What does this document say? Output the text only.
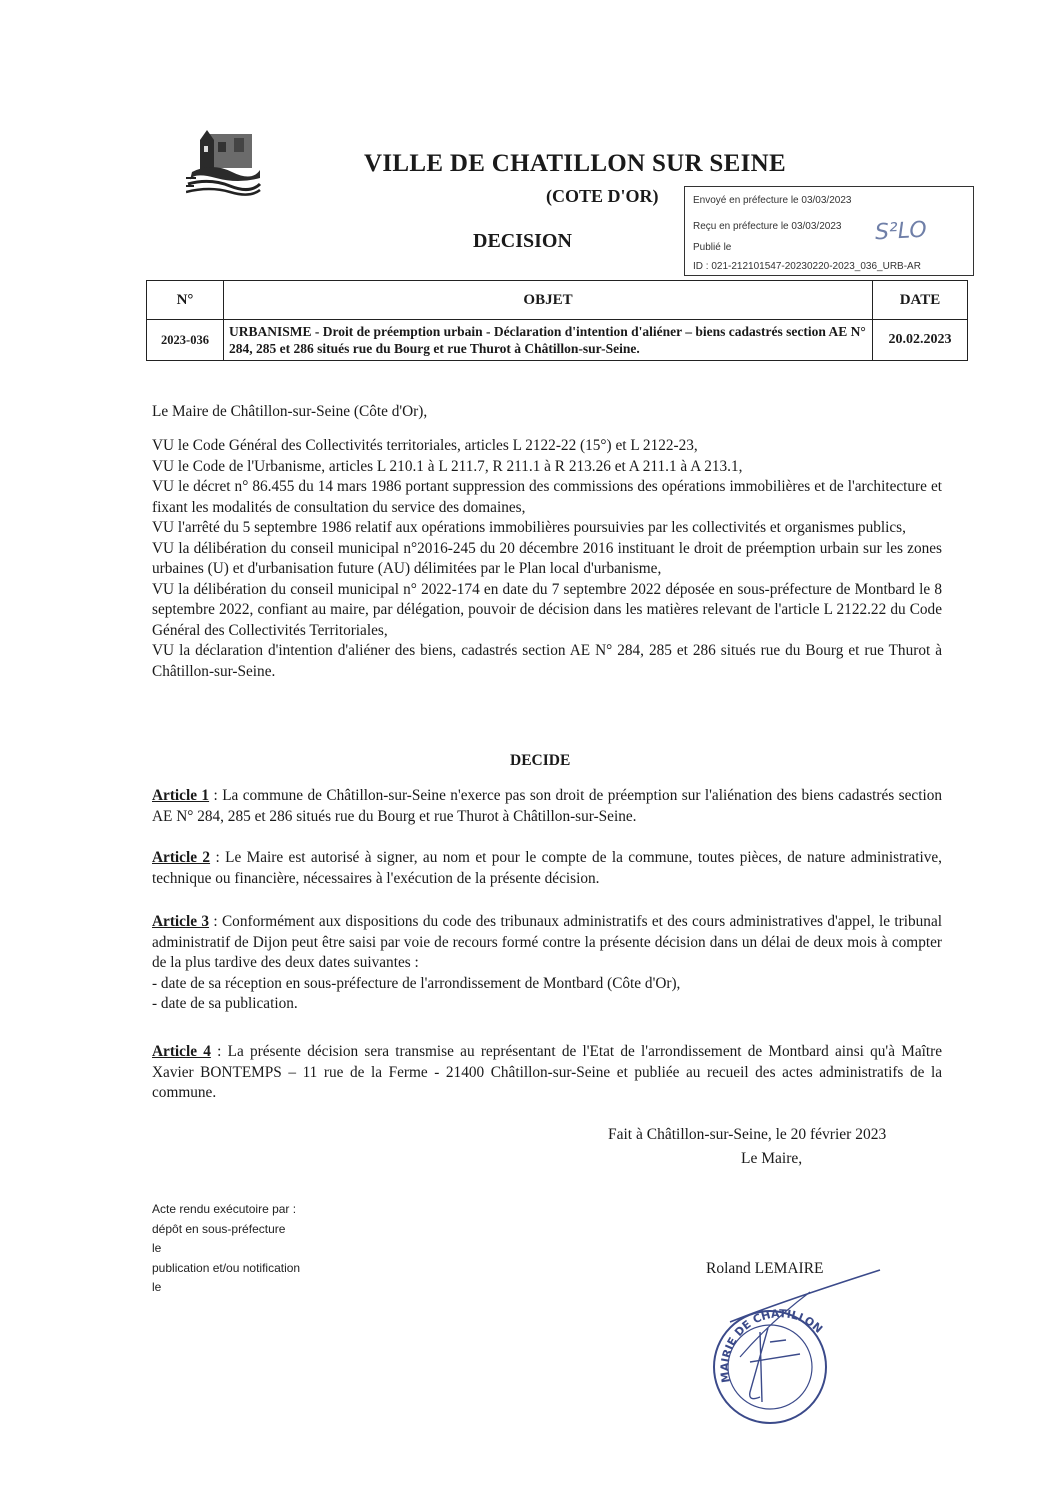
VILLE DE CHATILLON SUR SEINE
(COTE D'OR)
DECISION
Envoyé en préfecture le 03/03/2023
Reçu en préfecture le 03/03/2023
Publié le
ID : 021-212101547-20230220-2023_036_URB-AR
S²LO
N°	OBJET	DATE
2023-036	URBANISME - Droit de préemption urbain - Déclaration d'intention d'aliéner – biens cadastrés section AE N° 284, 285 et 286 situés rue du Bourg et rue Thurot à Châtillon-sur-Seine.	20.02.2023
Le Maire de Châtillon-sur-Seine (Côte d'Or),

VU le Code Général des Collectivités territoriales, articles L 2122-22 (15°) et L 2122-23,

VU le Code de l'Urbanisme, articles L 210.1 à L 211.7, R 211.1 à R 213.26 et A 211.1 à A 213.1,

VU le décret n° 86.455 du 14 mars 1986 portant suppression des commissions des opérations immobilières et de l'architecture et fixant les modalités de consultation du service des domaines,

VU l'arrêté du 5 septembre 1986 relatif aux opérations immobilières poursuivies par les collectivités et organismes publics,

VU la délibération du conseil municipal n°2016-245 du 20 décembre 2016 instituant le droit de préemption urbain sur les zones urbaines (U) et d'urbanisation future (AU) délimitées par le Plan local d'urbanisme,

VU la délibération du conseil municipal n° 2022-174 en date du 7 septembre 2022 déposée en sous-préfecture de Montbard le 8 septembre 2022, confiant au maire, par délégation, pouvoir de décision dans les matières relevant de l'article L 2122.22 du Code Général des Collectivités Territoriales,

VU la déclaration d'intention d'aliéner des biens, cadastrés section AE N° 284, 285 et 286 situés rue du Bourg et rue Thurot à Châtillon-sur-Seine.

DECIDE

Article 1 : La commune de Châtillon-sur-Seine n'exerce pas son droit de préemption sur l'aliénation des biens cadastrés section AE N° 284, 285 et 286 situés rue du Bourg et rue Thurot à Châtillon-sur-Seine.

Article 2 : Le Maire est autorisé à signer, au nom et pour le compte de la commune, toutes pièces, de nature administrative, technique ou financière, nécessaires à l'exécution de la présente décision.

Article 3 : Conformément aux dispositions du code des tribunaux administratifs et des cours administratives d'appel, le tribunal administratif de Dijon peut être saisi par voie de recours formé contre la présente décision dans un délai de deux mois à compter de la plus tardive des deux dates suivantes :

- date de sa réception en sous-préfecture de l'arrondissement de Montbard (Côte d'Or),

- date de sa publication.

Article 4 : La présente décision sera transmise au représentant de l'Etat de l'arrondissement de Montbard ainsi qu'à Maître Xavier BONTEMPS – 11 rue de la Ferme - 21400 Châtillon-sur-Seine et publiée au recueil des actes administratifs de la commune.

Fait à Châtillon-sur-Seine, le 20 février 2023
Le Maire,
Acte rendu exécutoire par :
dépôt en sous-préfecture
le
publication et/ou notification
le
Roland LEMAIRE
MAIRIE DE CHATILLON
